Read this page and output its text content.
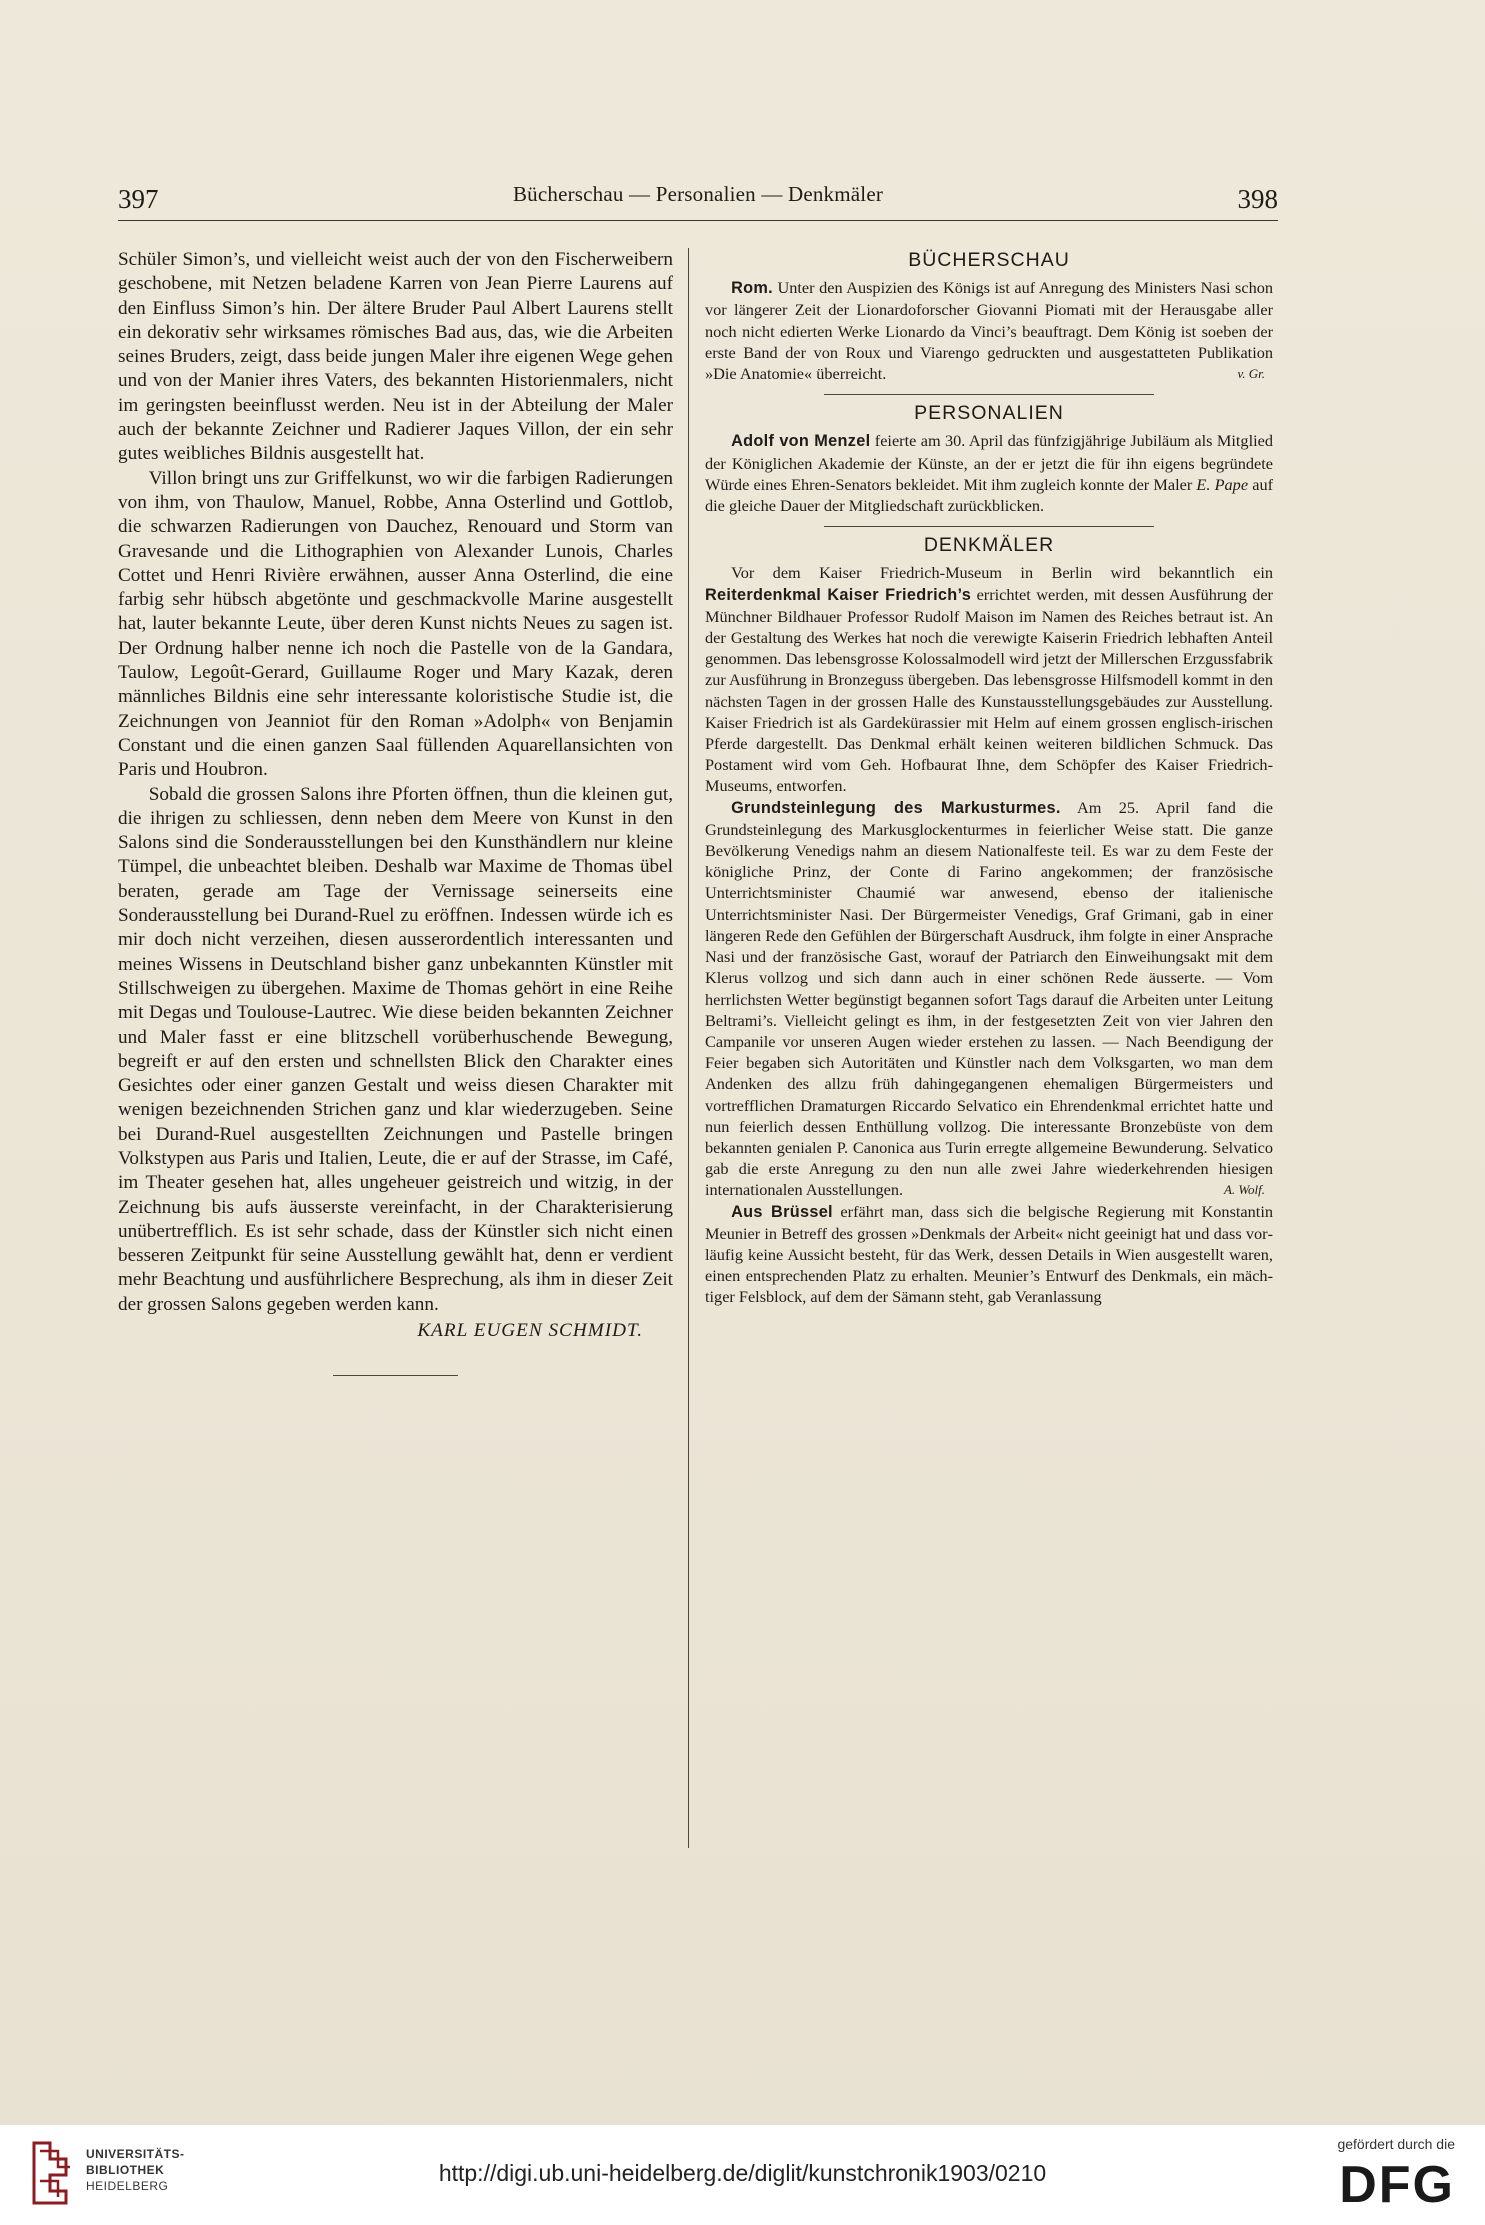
397	Bücherschau — Personalien — Denkmäler	398

Schüler Simon’s, und vielleicht weist auch der von den Fischerweibern geschobene, mit Netzen beladene Karren von Jean Pierre Laurens auf den Einfluss Simon’s hin. Der ältere Bruder Paul Albert Laurens stellt ein dekorativ sehr wirksames römisches Bad aus, das, wie die Arbeiten seines Bruders, zeigt, dass beide jungen Maler ihre eigenen Wege gehen und von der Manier ihres Vaters, des bekannten Historienmalers, nicht im geringsten beeinflusst werden. Neu ist in der Abteilung der Maler auch der bekannte Zeichner und Radierer Jaques Villon, der ein sehr gutes weibliches Bildnis ausgestellt hat.

Villon bringt uns zur Griffelkunst, wo wir die farbigen Radierungen von ihm, von Thaulow, Manuel, Robbe, Anna Osterlind und Gottlob, die schwarzen Radierungen von Dauchez, Renouard und Storm van Gravesande und die Lithographien von Alexander Lunois, Charles Cottet und Henri Rivière erwähnen, ausser Anna Osterlind, die eine farbig sehr hübsch abgetönte und geschmackvolle Marine ausgestellt hat, lauter bekannte Leute, über deren Kunst nichts Neues zu sagen ist. Der Ordnung halber nenne ich noch die Pastelle von de la Gandara, Taulow, Legoût-Gerard, Guillaume Roger und Mary Kazak, deren männliches Bildnis eine sehr interessante koloristische Studie ist, die Zeichnungen von Jeanniot für den Roman »Adolph« von Benjamin Constant und die einen ganzen Saal füllenden Aquarellansichten von Paris und Houbron.

Sobald die grossen Salons ihre Pforten öffnen, thun die kleinen gut, die ihrigen zu schliessen, denn neben dem Meere von Kunst in den Salons sind die Sonderausstellungen bei den Kunsthändlern nur kleine Tümpel, die unbeachtet bleiben. Deshalb war Maxime de Thomas übel beraten, gerade am Tage der Vernissage seinerseits eine Sonderausstellung bei Durand-Ruel zu eröffnen. Indessen würde ich es mir doch nicht verzeihen, diesen ausserordentlich interessanten und meines Wissens in Deutschland bisher ganz unbekannten Künstler mit Stillschweigen zu übergehen. Maxime de Thomas gehört in eine Reihe mit Degas und Toulouse-Lautrec. Wie diese beiden bekannten Zeichner und Maler fasst er eine blitzschell vorüberhuschende Bewegung, begreift er auf den ersten und schnellsten Blick den Charakter eines Gesichtes oder einer ganzen Gestalt und weiss diesen Charakter mit wenigen bezeichnenden Strichen ganz und klar wiederzugeben. Seine bei Durand-Ruel ausgestellten Zeichnungen und Pastelle bringen Volkstypen aus Paris und Italien, Leute, die er auf der Strasse, im Café, im Theater gesehen hat, alles ungeheuer geistreich und witzig, in der Zeichnung bis aufs äusserste vereinfacht, in der Charakterisierung unübertrefflich. Es ist sehr schade, dass der Künstler sich nicht einen besseren Zeitpunkt für seine Ausstellung gewählt hat, denn er verdient mehr Beachtung und ausführlichere Besprechung, als ihm in dieser Zeit der grossen Salons gegeben werden kann.

KARL EUGEN SCHMIDT.
BÜCHERSCHAU

Rom. Unter den Auspizien des Königs ist auf Anregung des Ministers Nasi schon vor längerer Zeit der Lionardoforscher Giovanni Piomati mit der Herausgabe aller noch nicht edierten Werke Lionardo da Vinci’s beauftragt. Dem König ist soeben der erste Band der von Roux und Viarengo gedruckten und ausgestatteten Publikation »Die Anatomie« überreicht.	v. Gr.

PERSONALIEN

Adolf von Menzel feierte am 30. April das fünfzigjährige Jubiläum als Mitglied der Königlichen Akademie der Künste, an der er jetzt die für ihn eigens begründete Würde eines Ehren-Senators bekleidet. Mit ihm zugleich konnte der Maler E. Pape auf die gleiche Dauer der Mitgliedschaft zurückblicken.

DENKMÄLER

Vor dem Kaiser Friedrich-Museum in Berlin wird bekanntlich ein Reiterdenkmal Kaiser Friedrich’s errichtet werden, mit dessen Ausführung der Münchner Bildhauer Professor Rudolf Maison im Namen des Reiches betraut ist. An der Gestaltung des Werkes hat noch die verewigte Kaiserin Friedrich lebhaften Anteil genommen. Das lebensgrosse Kolossalmodell wird jetzt der Millerschen Erzgussfabrik zur Ausführung in Bronzeguss übergeben. Das lebensgrosse Hilfsmodell kommt in den nächsten Tagen in der grossen Halle des Kunstausstellungsgebäudes zur Ausstellung. Kaiser Friedrich ist als Gardekürassier mit Helm auf einem grossen englisch-irischen Pferde dargestellt. Das Denkmal erhält keinen weiteren bildlichen Schmuck. Das Postament wird vom Geh. Hofbaurat Ihne, dem Schöpfer des Kaiser Friedrich-Museums, entworfen.

Grundsteinlegung des Markusturmes. Am 25. April fand die Grundsteinlegung des Markusglockenturmes in feierlicher Weise statt. Die ganze Bevölkerung Venedigs nahm an diesem Nationalfeste teil. Es war zu dem Feste der königliche Prinz, der Conte di Farino angekommen; der französische Unterrichtsminister Chaumié war anwesend, ebenso der italienische Unterrichtsminister Nasi. Der Bürgermeister Venedigs, Graf Grimani, gab in einer längeren Rede den Gefühlen der Bürgerschaft Ausdruck, ihm folgte in einer Ansprache Nasi und der französische Gast, worauf der Patriarch den Einweihungsakt mit dem Klerus vollzog und sich dann auch in einer schönen Rede äusserte. — Vom herrlichsten Wetter begünstigt begannen sofort Tags darauf die Arbeiten unter Leitung Beltrami’s. Vielleicht gelingt es ihm, in der festgesetzten Zeit von vier Jahren den Campanile vor unseren Augen wieder erstehen zu lassen. — Nach Beendigung der Feier begaben sich Autoritäten und Künstler nach dem Volksgarten, wo man dem Andenken des allzu früh dahingegangenen ehemaligen Bürgermeisters und vortrefflichen Dramaturgen Riccardo Selvatico ein Ehrendenkmal errichtet hatte und nun feierlich dessen Enthüllung vollzog. Die interessante Bronzebüste von dem bekannten genialen P. Canonica aus Turin erregte allgemeine Bewunderung. Selvatico gab die erste Anregung zu den nun alle zwei Jahre wiederkehrenden hiesigen internationalen Ausstellungen.	A. Wolf.

Aus Brüssel erfährt man, dass sich die belgische Regierung mit Konstantin Meunier in Betreff des grossen »Denkmals der Arbeit« nicht geeinigt hat und dass vorläufig keine Aussicht besteht, für das Werk, dessen Details in Wien ausgestellt waren, einen entsprechenden Platz zu erhalten. Meunier’s Entwurf des Denkmals, ein mächtiger Felsblock, auf dem der Sämann steht, gab Veranlassung

UNIVERSITÄTS-
BIBLIOTHEK
HEIDELBERG	http://digi.ub.uni-heidelberg.de/diglit/kunstchronik1903/0210
gefördert durch die
DFG
